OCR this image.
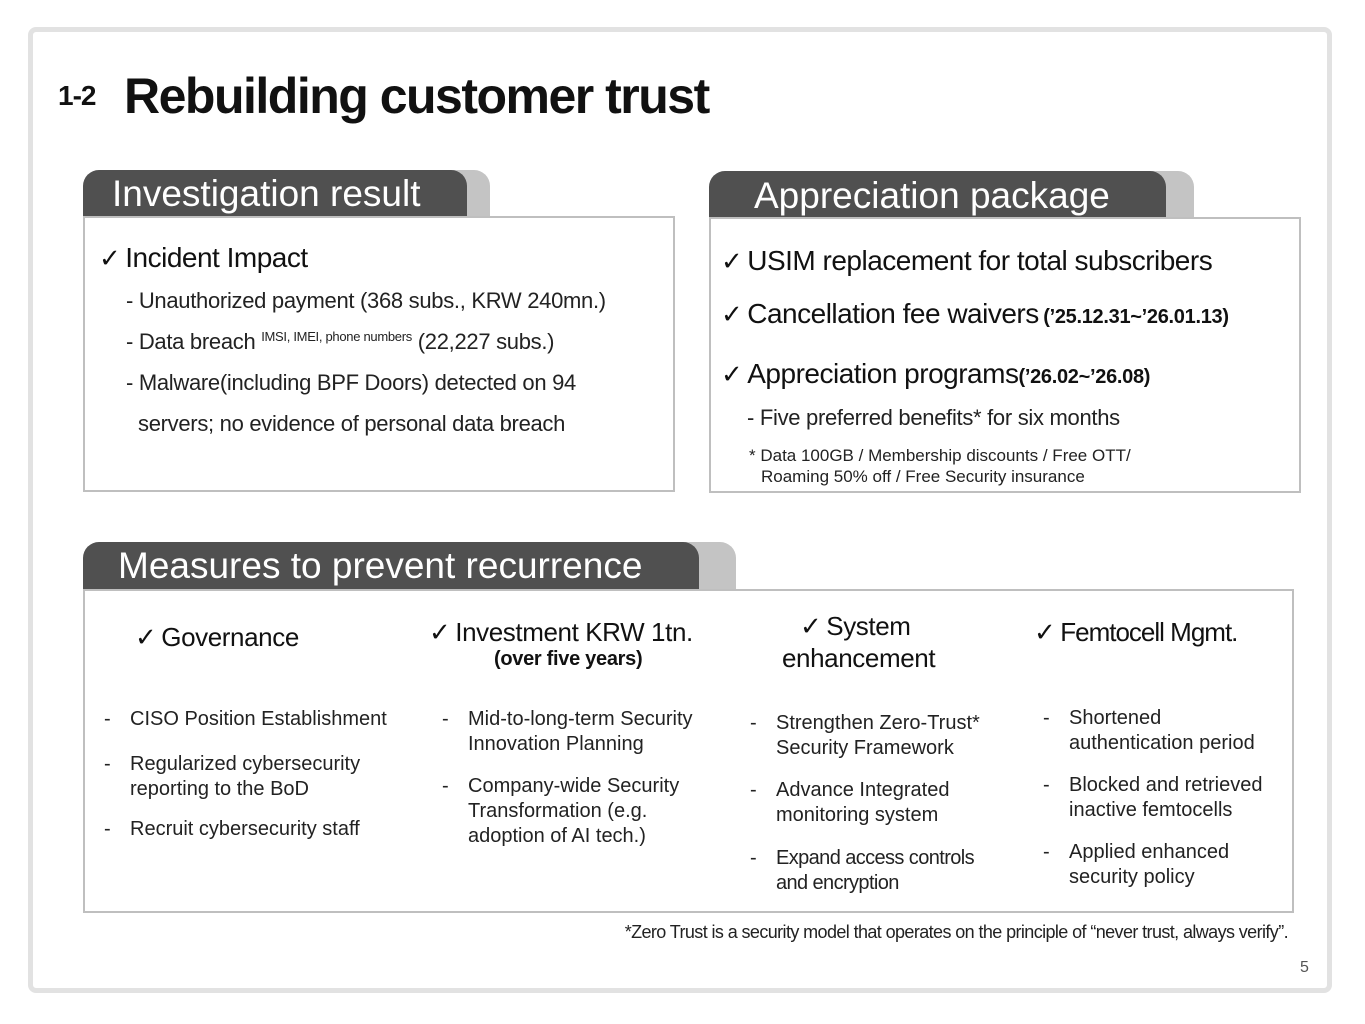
1-2 Rebuilding customer trust
Investigation result
✓ Incident Impact
- Unauthorized payment (368 subs., KRW 240mn.)
- Data breach $^{IMSI, IMEI, phone numbers}$ (22,227 subs.)
- Malware(including BPF Doors) detected on 94
servers; no evidence of personal data breach
Appreciation package
✓ USIM replacement for total subscribers
✓ Cancellation fee waivers (’25.12.31~’26.01.13)
✓ Appreciation programs(’26.02~’26.08)
- Five preferred benefits* for six months
* Data 100GB / Membership discounts / Free OTT/
Roaming 50% off / Free Security insurance
Measures to prevent recurrence
✓ Governance
- CISO Position Establishment
- Regularized cybersecurity reporting to the BoD
- Recruit cybersecurity staff
✓ Investment KRW 1tn.
(over five years)
- Mid-to-long-term Security Innovation Planning
- Company-wide Security Transformation (e.g. adoption of AI tech.)
✓ System
enhancement
- Strengthen Zero-Trust* Security Framework
- Advance Integrated monitoring system
- Expand access controls and encryption
✓ Femtocell Mgmt.
- Shortened authentication period
- Blocked and retrieved inactive femtocells
- Applied enhanced security policy
*Zero Trust is a security model that operates on the principle of “never trust, always verify”.
5
